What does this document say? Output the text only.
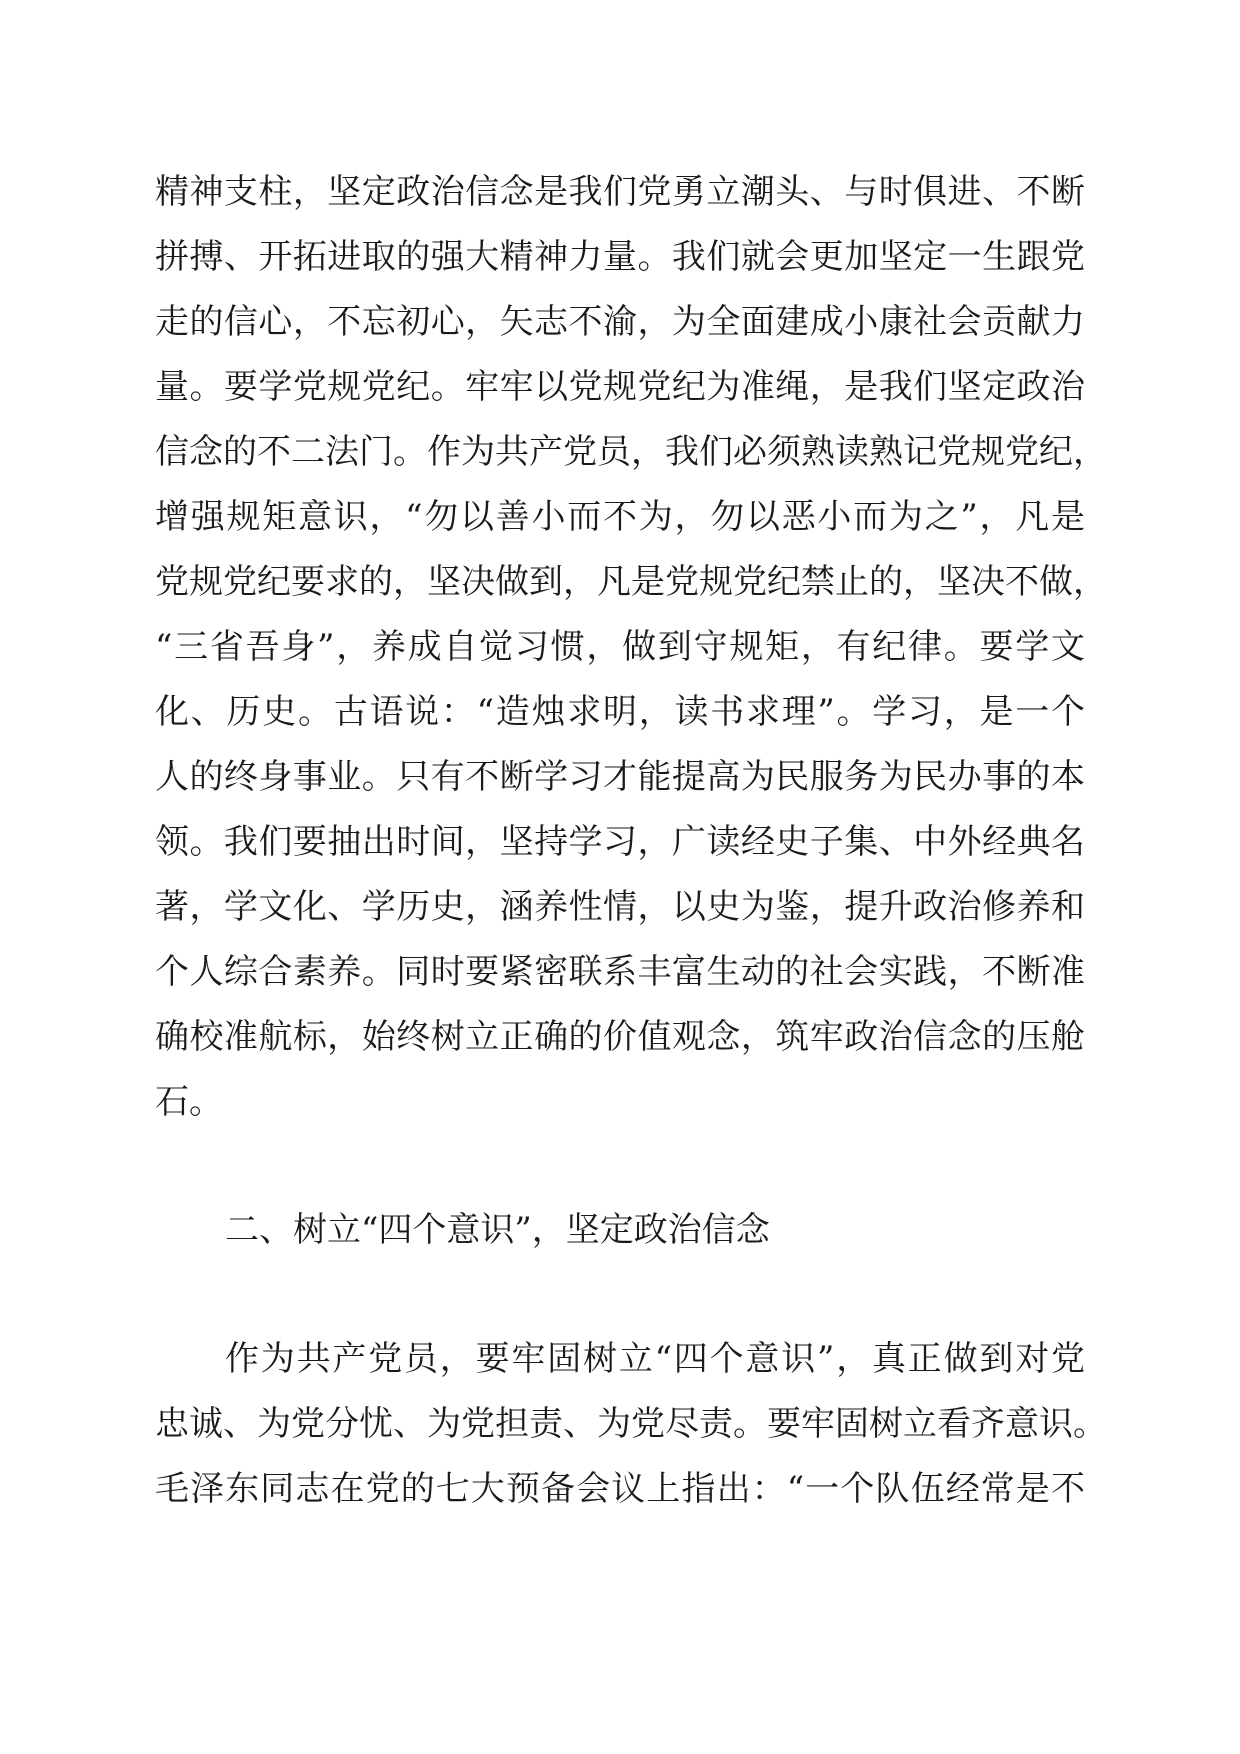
精神支柱，坚定政治信念是我们党勇立潮头、与时俱进、不断
拼搏、开拓进取的强大精神力量。我们就会更加坚定一生跟党
走的信心，不忘初心，矢志不渝，为全面建成小康社会贡献力
量。要学党规党纪。牢牢以党规党纪为准绳，是我们坚定政治
信念的不二法门。作为共产党员，我们必须熟读熟记党规党纪，
增强规矩意识，“勿以善小而不为，勿以恶小而为之”，凡是
党规党纪要求的，坚决做到，凡是党规党纪禁止的，坚决不做，
“三省吾身”，养成自觉习惯，做到守规矩，有纪律。要学文
化、历史。古语说：“造烛求明，读书求理”。学习，是一个
人的终身事业。只有不断学习才能提高为民服务为民办事的本
领。我们要抽出时间，坚持学习，广读经史子集、中外经典名
著，学文化、学历史，涵养性情，以史为鉴，提升政治修养和
个人综合素养。同时要紧密联系丰富生动的社会实践，不断准
确校准航标，始终树立正确的价值观念，筑牢政治信念的压舱
石。
二、树立“四个意识”，坚定政治信念
作为共产党员，要牢固树立“四个意识”，真正做到对党
忠诚、为党分忧、为党担责、为党尽责。要牢固树立看齐意识。
毛泽东同志在党的七大预备会议上指出：“一个队伍经常是不
